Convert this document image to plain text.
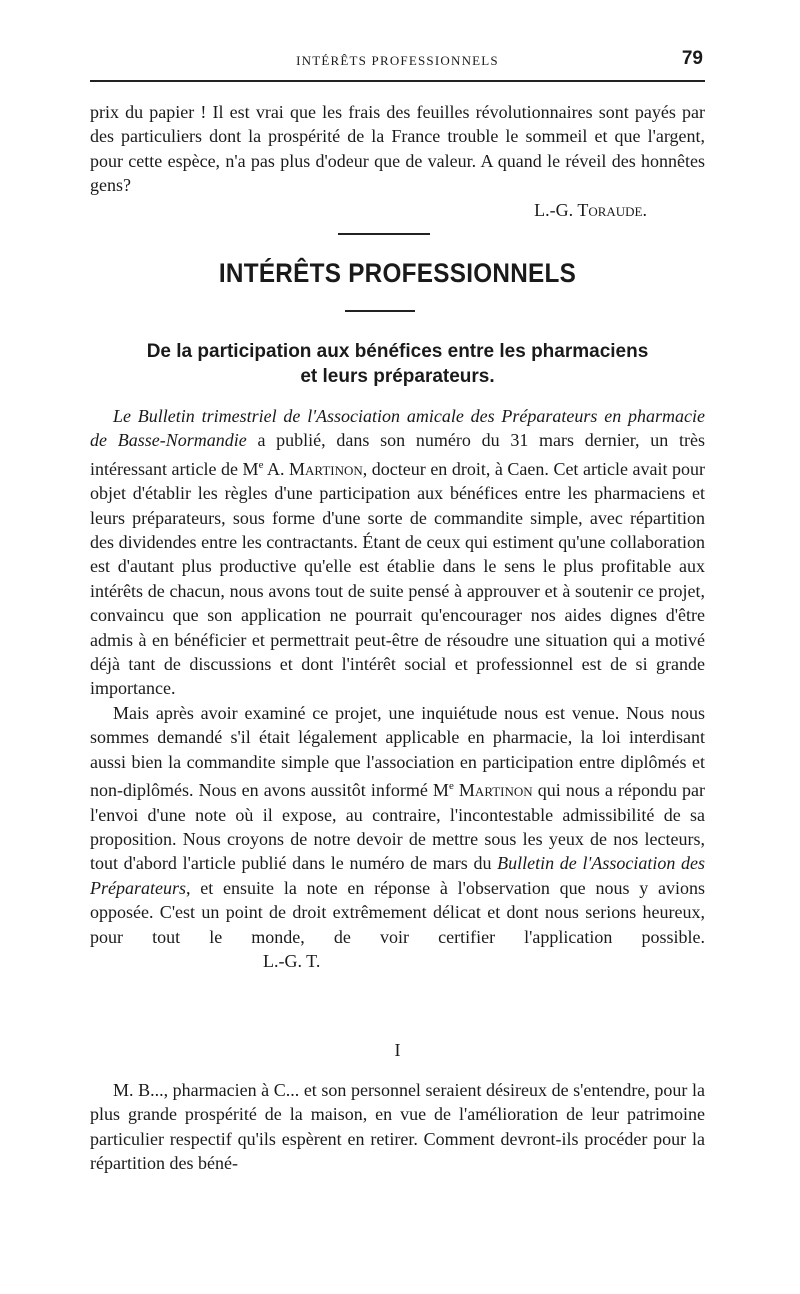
INTÉRÊTS PROFESSIONNELS	79

prix du papier ! Il est vrai que les frais des feuilles révolutionnaires sont payés par des particuliers dont la prospérité de la France trouble le sommeil et que l'argent, pour cette espèce, n'a pas plus d'odeur que de valeur. A quand le réveil des honnêtes gens?

L.-G. Toraude.

INTÉRÊTS PROFESSIONNELS
De la participation aux bénéfices entre les pharmaciens
et leurs préparateurs.

Le Bulletin trimestriel de l'Association amicale des Préparateurs en pharmacie de Basse-Normandie a publié, dans son numéro du 31 mars dernier, un très intéressant article de Me A. Martinon, docteur en droit, à Caen. Cet article avait pour objet d'établir les règles d'une participation aux bénéfices entre les pharmaciens et leurs préparateurs, sous forme d'une sorte de commandite simple, avec répartition des dividendes entre les contractants. Étant de ceux qui estiment qu'une collaboration est d'autant plus productive qu'elle est établie dans le sens le plus profitable aux intérêts de chacun, nous avons tout de suite pensé à approuver et à soutenir ce projet, convaincu que son application ne pourrait qu'encourager nos aides dignes d'être admis à en bénéficier et permettrait peut-être de résoudre une situation qui a motivé déjà tant de discussions et dont l'intérêt social et professionnel est de si grande importance.

Mais après avoir examiné ce projet, une inquiétude nous est venue. Nous nous sommes demandé s'il était légalement applicable en pharmacie, la loi interdisant aussi bien la commandite simple que l'association en participation entre diplômés et non-diplômés. Nous en avons aussitôt informé Me Martinon qui nous a répondu par l'envoi d'une note où il expose, au contraire, l'incontestable admissibilité de sa proposition. Nous croyons de notre devoir de mettre sous les yeux de nos lecteurs, tout d'abord l'article publié dans le numéro de mars du Bulletin de l'Association des Préparateurs, et ensuite la note en réponse à l'observation que nous y avions opposée. C'est un point de droit extrêmement délicat et dont nous serions heureux, pour tout le monde, de voir certifier l'application possible.L.-G. T.

I

M. B..., pharmacien à C... et son personnel seraient désireux de s'entendre, pour la plus grande prospérité de la maison, en vue de l'amélioration de leur patrimoine particulier respectif qu'ils espèrent en retirer. Comment devront-ils procéder pour la répartition des béné-
